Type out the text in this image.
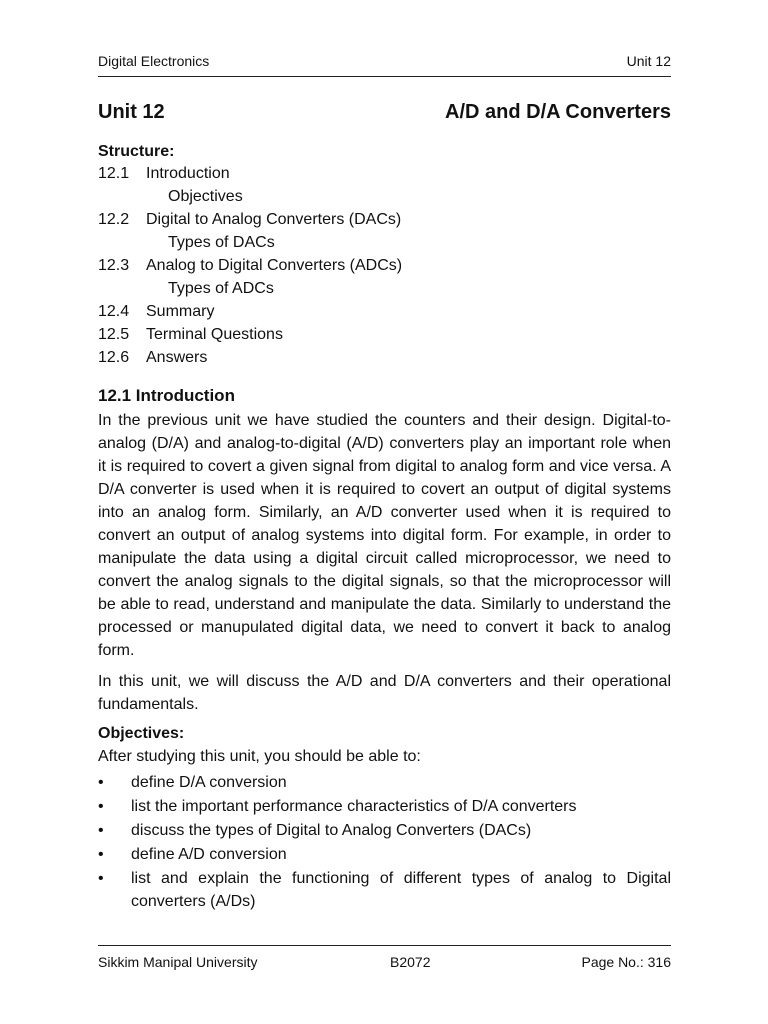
Digital Electronics	Unit 12
Unit 12	A/D and D/A Converters
Structure:
12.1 Introduction
Objectives
12.2 Digital to Analog Converters (DACs)
Types of DACs
12.3 Analog to Digital Converters (ADCs)
Types of ADCs
12.4 Summary
12.5 Terminal Questions
12.6 Answers
12.1 Introduction

In the previous unit we have studied the counters and their design. Digital-to-analog (D/A) and analog-to-digital (A/D) converters play an important role when it is required to covert a given signal from digital to analog form and vice versa. A D/A converter is used when it is required to covert an output of digital systems into an analog form. Similarly, an A/D converter used when it is required to convert an output of analog systems into digital form. For example, in order to manipulate the data using a digital circuit called microprocessor, we need to convert the analog signals to the digital signals, so that the microprocessor will be able to read, understand and manipulate the data. Similarly to understand the processed or manupulated digital data, we need to convert it back to analog form.

In this unit, we will discuss the A/D and D/A converters and their operational fundamentals.

Objectives:
After studying this unit, you should be able to:
• define D/A conversion
• list the important performance characteristics of D/A converters
• discuss the types of Digital to Analog Converters (DACs)
• define A/D conversion
• list and explain the functioning of different types of analog to Digital converters (A/Ds)
Sikkim Manipal University	B2072	Page No.: 316
